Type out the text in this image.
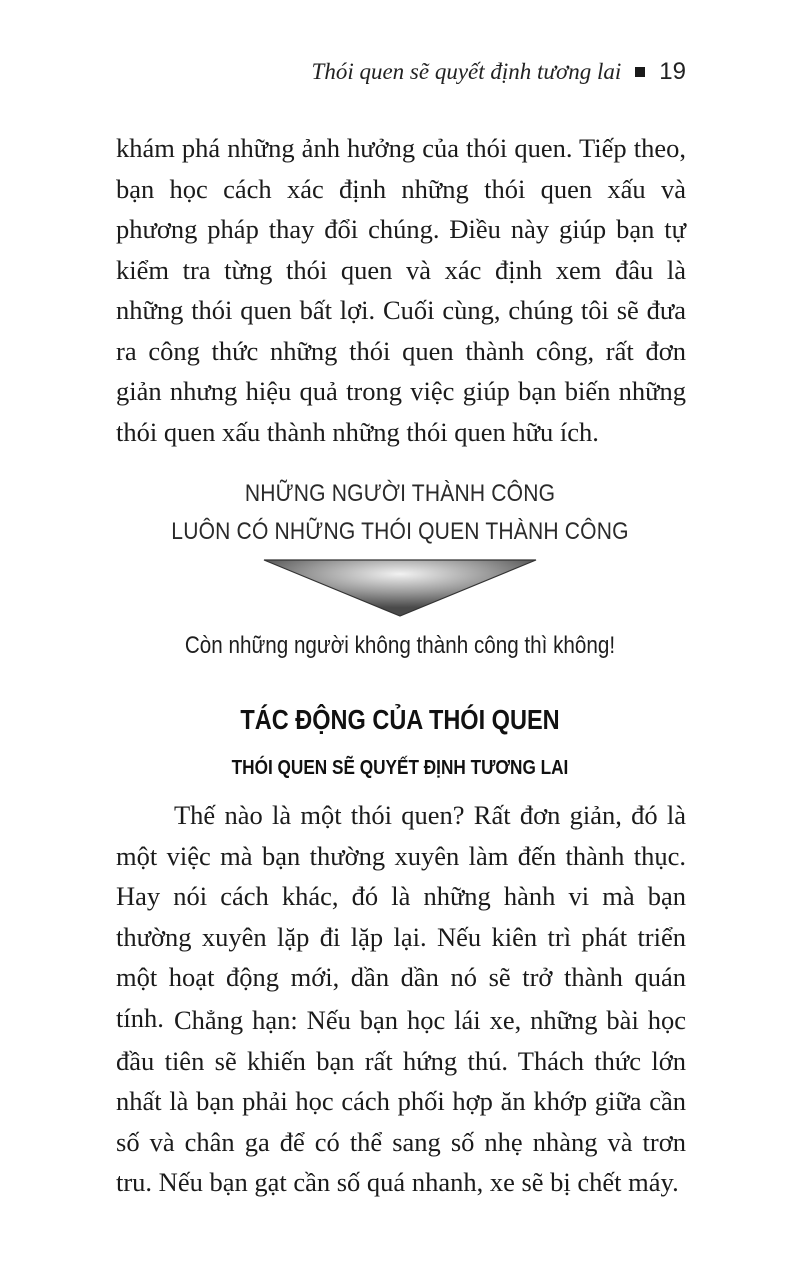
Thói quen sẽ quyết định tương lai 19

khám phá những ảnh hưởng của thói quen. Tiếp theo, bạn học cách xác định những thói quen xấu và phương pháp thay đổi chúng. Điều này giúp bạn tự kiểm tra từng thói quen và xác định xem đâu là những thói quen bất lợi. Cuối cùng, chúng tôi sẽ đưa ra công thức những thói quen thành công, rất đơn giản nhưng hiệu quả trong việc giúp bạn biến những thói quen xấu thành những thói quen hữu ích.

NHỮNG NGƯỜI THÀNH CÔNG
LUÔN CÓ NHỮNG THÓI QUEN THÀNH CÔNG
Còn những người không thành công thì không!
TÁC ĐỘNG CỦA THÓI QUEN
THÓI QUEN SẼ QUYẾT ĐỊNH TƯƠNG LAI

Thế nào là một thói quen? Rất đơn giản, đó là một việc mà bạn thường xuyên làm đến thành thục. Hay nói cách khác, đó là những hành vi mà bạn thường xuyên lặp đi lặp lại. Nếu kiên trì phát triển một hoạt động mới, dần dần nó sẽ trở thành quán tính. Chẳng hạn: Nếu bạn học lái xe, những bài học đầu tiên sẽ khiến bạn rất hứng thú. Thách thức lớn nhất là bạn phải học cách phối hợp ăn khớp giữa cần số và chân ga để có thể sang số nhẹ nhàng và trơn tru. Nếu bạn gạt cần số quá nhanh, xe sẽ bị chết máy.
